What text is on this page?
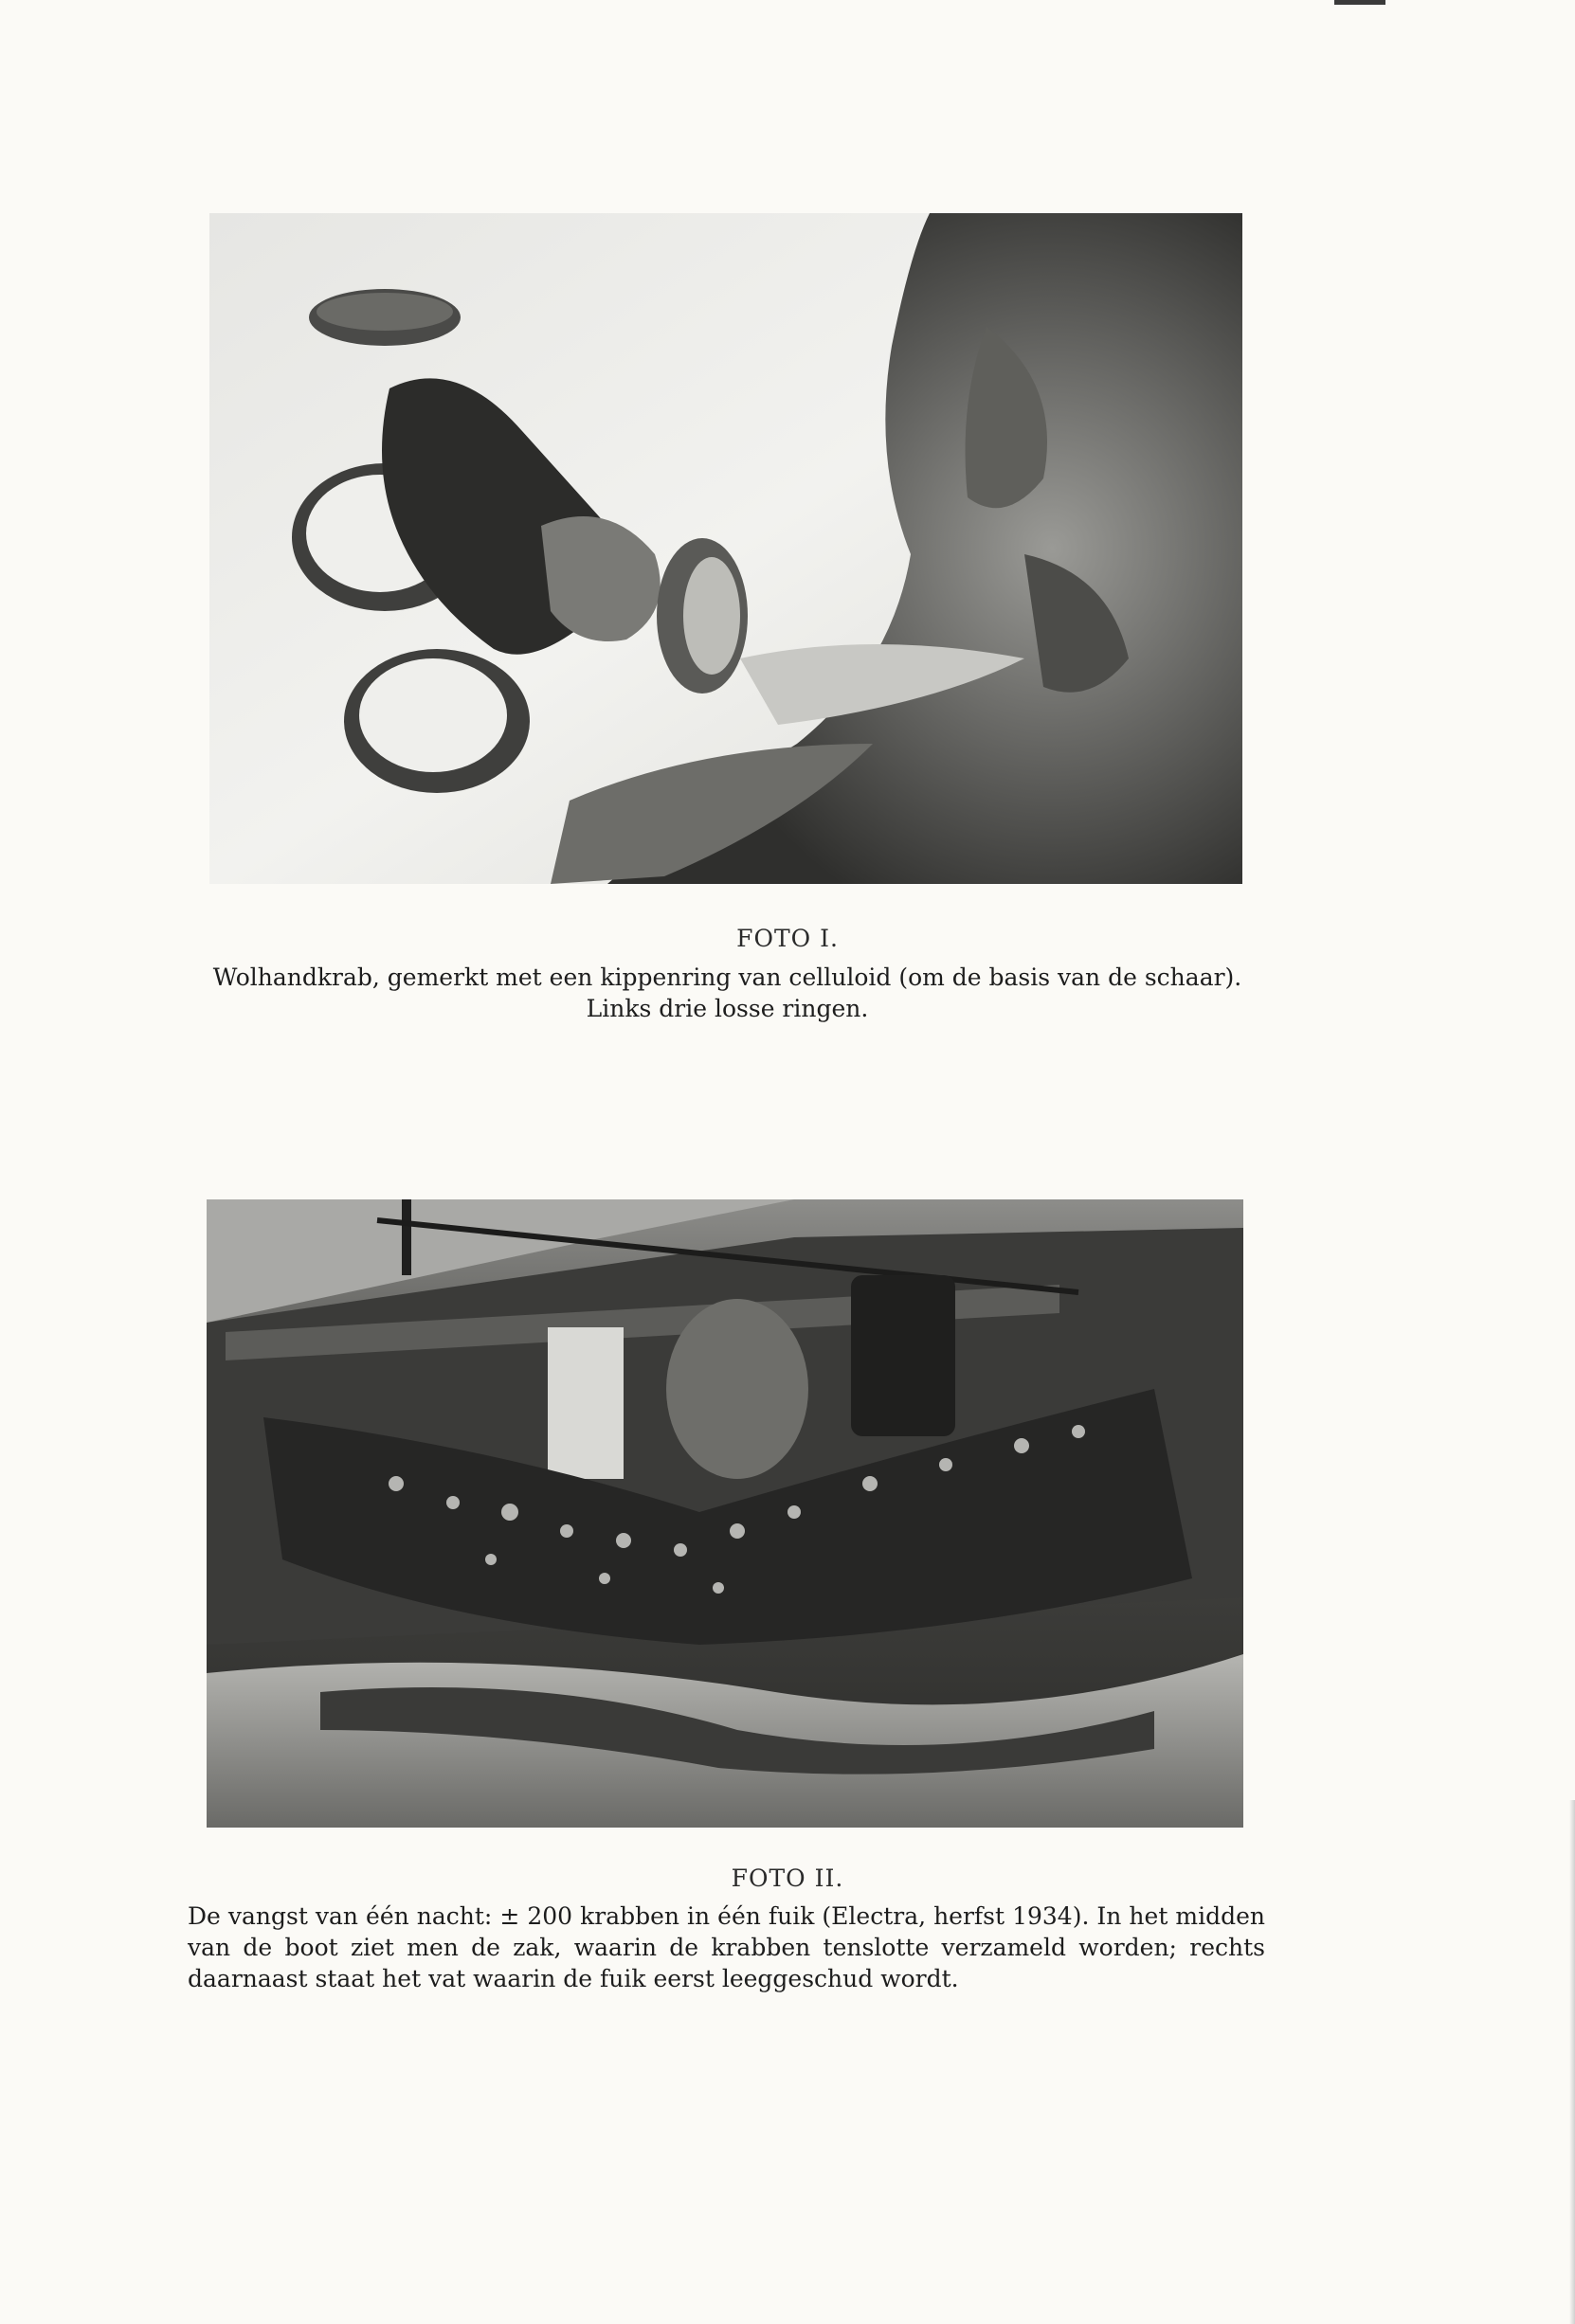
FOTO I.
Wolhandkrab, gemerkt met een kippenring van celluloid (om de basis van de schaar). Links drie losse ringen.
FOTO II.
De vangst van één nacht: ± 200 krabben in één fuik (Electra, herfst 1934). In het midden van de boot ziet men de zak, waarin de krabben tenslotte verzameld worden; rechts daarnaast staat het vat waarin de fuik eerst leeggeschud wordt.
